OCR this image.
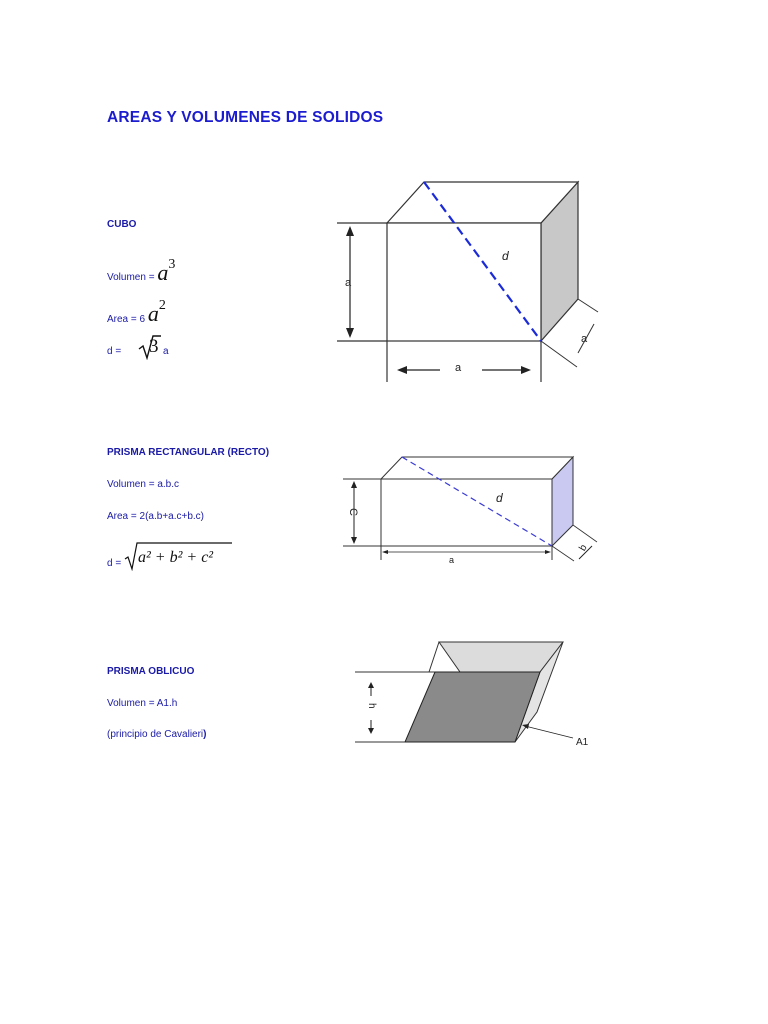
AREAS Y VOLUMENES DE SOLIDOS
CUBO
Volumen = a3
Area = 6 a2
d = 3 a
a
a
a
d
PRISMA RECTANGULAR (RECTO)
Volumen = a.b.c
Area = 2(a.b+a.c+b.c)
d = a² + b² + c²
C
a
b
d
PRISMA OBLICUO
Volumen = A1.h
(principio de Cavalieri)
h
A1
